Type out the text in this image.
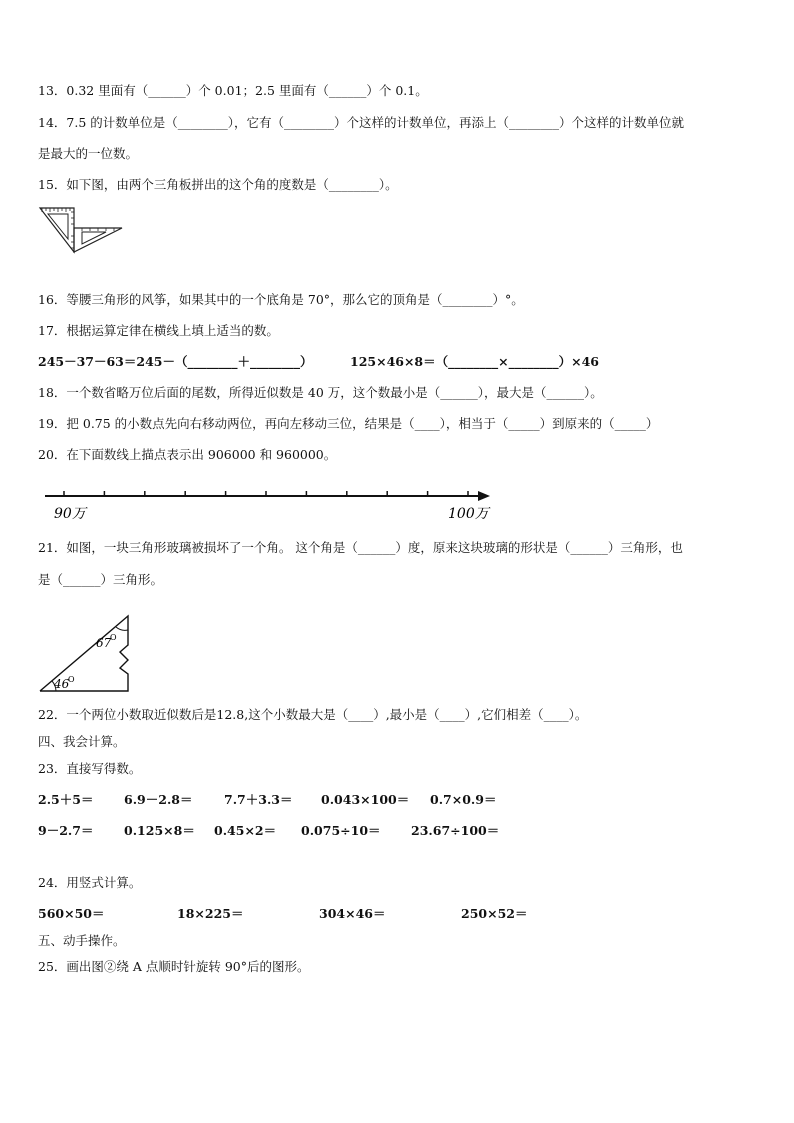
13．0.32 里面有（______）个 0.01；2.5 里面有（______）个 0.1。
14．7.5 的计数单位是（________），它有（________）个这样的计数单位，再添上（________）个这样的计数单位就
是最大的一位数。
15．如下图，由两个三角板拼出的这个角的度数是（________）。
16．等腰三角形的风筝，如果其中的一个底角是 70°，那么它的顶角是（________）°。
17．根据运算定律在横线上填上适当的数。
245－37－63＝245－（________＋________）	125×46×8＝（________×________）×46
18．一个数省略万位后面的尾数，所得近似数是 40 万，这个数最小是（______），最大是（______）。
19．把 0.75 的小数点先向右移动两位，再向左移动三位，结果是（____），相当于（_____）到原来的（_____）
20．在下面数线上描点表示出 906000 和 960000。
90万	100万
21．如图，一块三角形玻璃被损坏了一个角。 这个角是（______）度，原来这块玻璃的形状是（______）三角形，也
是（______）三角形。
67
O
46
O
22．一个两位小数取近似数后是12.8,这个小数最大是（____）,最小是（____）,它们相差（____）。
四、我会计算。
23．直接写得数。
2.5＋5＝ 6.9－2.8＝	7.7＋3.3＝ 0.043×100＝ 0.7×0.9＝
9－2.7＝ 0.125×8＝ 0.45×2＝ 0.075÷10＝ 23.67÷100＝
24．用竖式计算。
560×50＝	18×225＝	304×46＝	250×52＝
五、动手操作。
25．画出图②绕 A 点顺时针旋转 90°后的图形。
